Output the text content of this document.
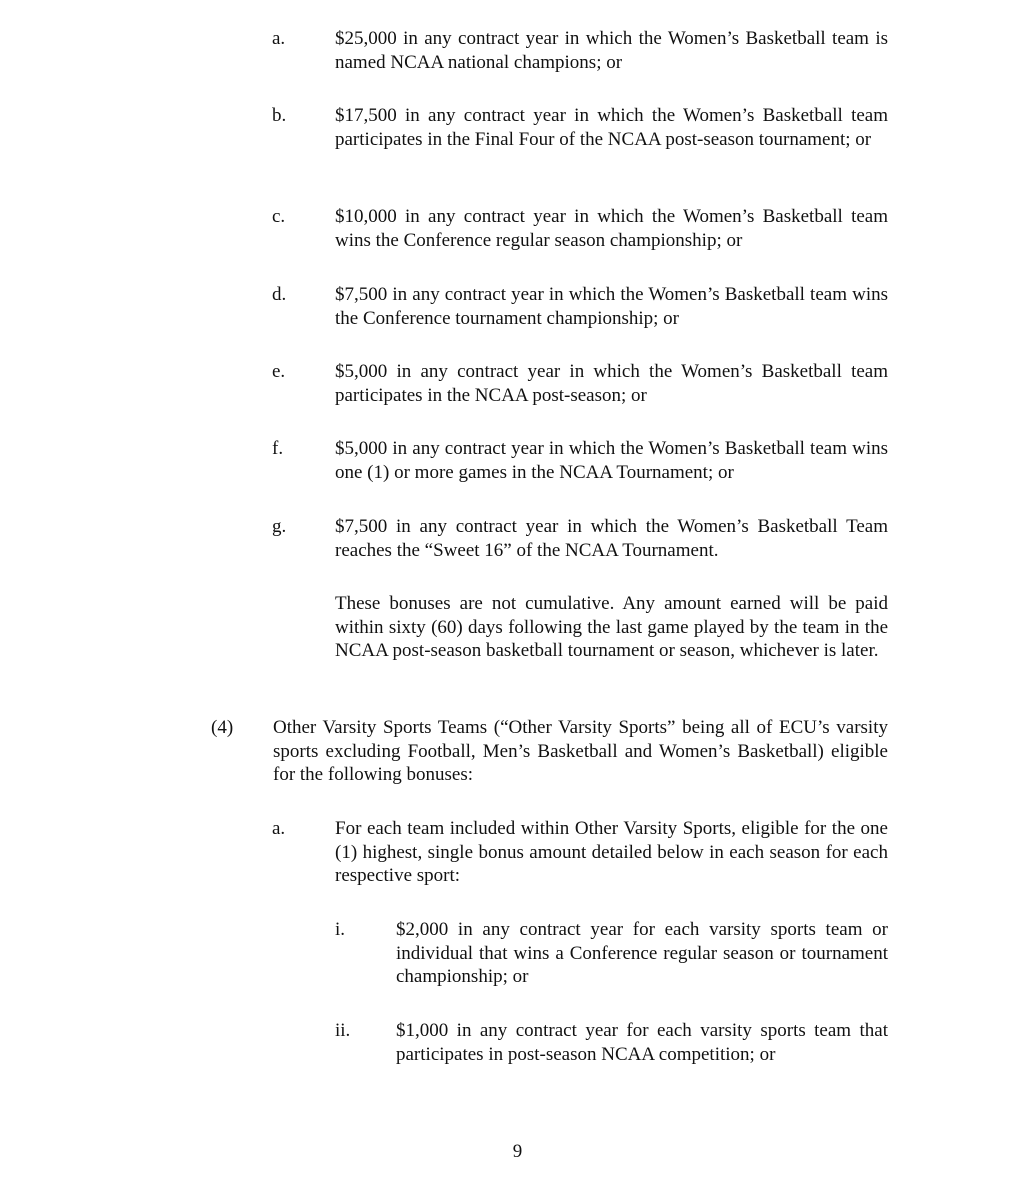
a.	$25,000 in any contract year in which the Women’s Basketball team is named NCAA national champions; or
b.	$17,500 in any contract year in which the Women’s Basketball team participates in the Final Four of the NCAA post-season tournament; or
c.	$10,000 in any contract year in which the Women’s Basketball team wins the Conference regular season championship; or
d.	$7,500 in any contract year in which the Women’s Basketball team wins the Conference tournament championship; or
e.	$5,000 in any contract year in which the Women’s Basketball team participates in the NCAA post-season; or
f.	$5,000 in any contract year in which the Women’s Basketball team wins one (1) or more games in the NCAA Tournament; or
g.	$7,500 in any contract year in which the Women’s Basketball Team reaches the “Sweet 16” of the NCAA Tournament.
These bonuses are not cumulative. Any amount earned will be paid within sixty (60) days following the last game played by the team in the NCAA post-season basketball tournament or season, whichever is later.
(4) Other Varsity Sports Teams (“Other Varsity Sports” being all of ECU’s varsity sports excluding Football, Men’s Basketball and Women’s Basketball) eligible for the following bonuses:
a.	For each team included within Other Varsity Sports, eligible for the one (1) highest, single bonus amount detailed below in each season for each respective sport:
i.	$2,000 in any contract year for each varsity sports team or individual that wins a Conference regular season or tournament championship; or
ii. $1,000 in any contract year for each varsity sports team that participates in post-season NCAA competition; or
9
